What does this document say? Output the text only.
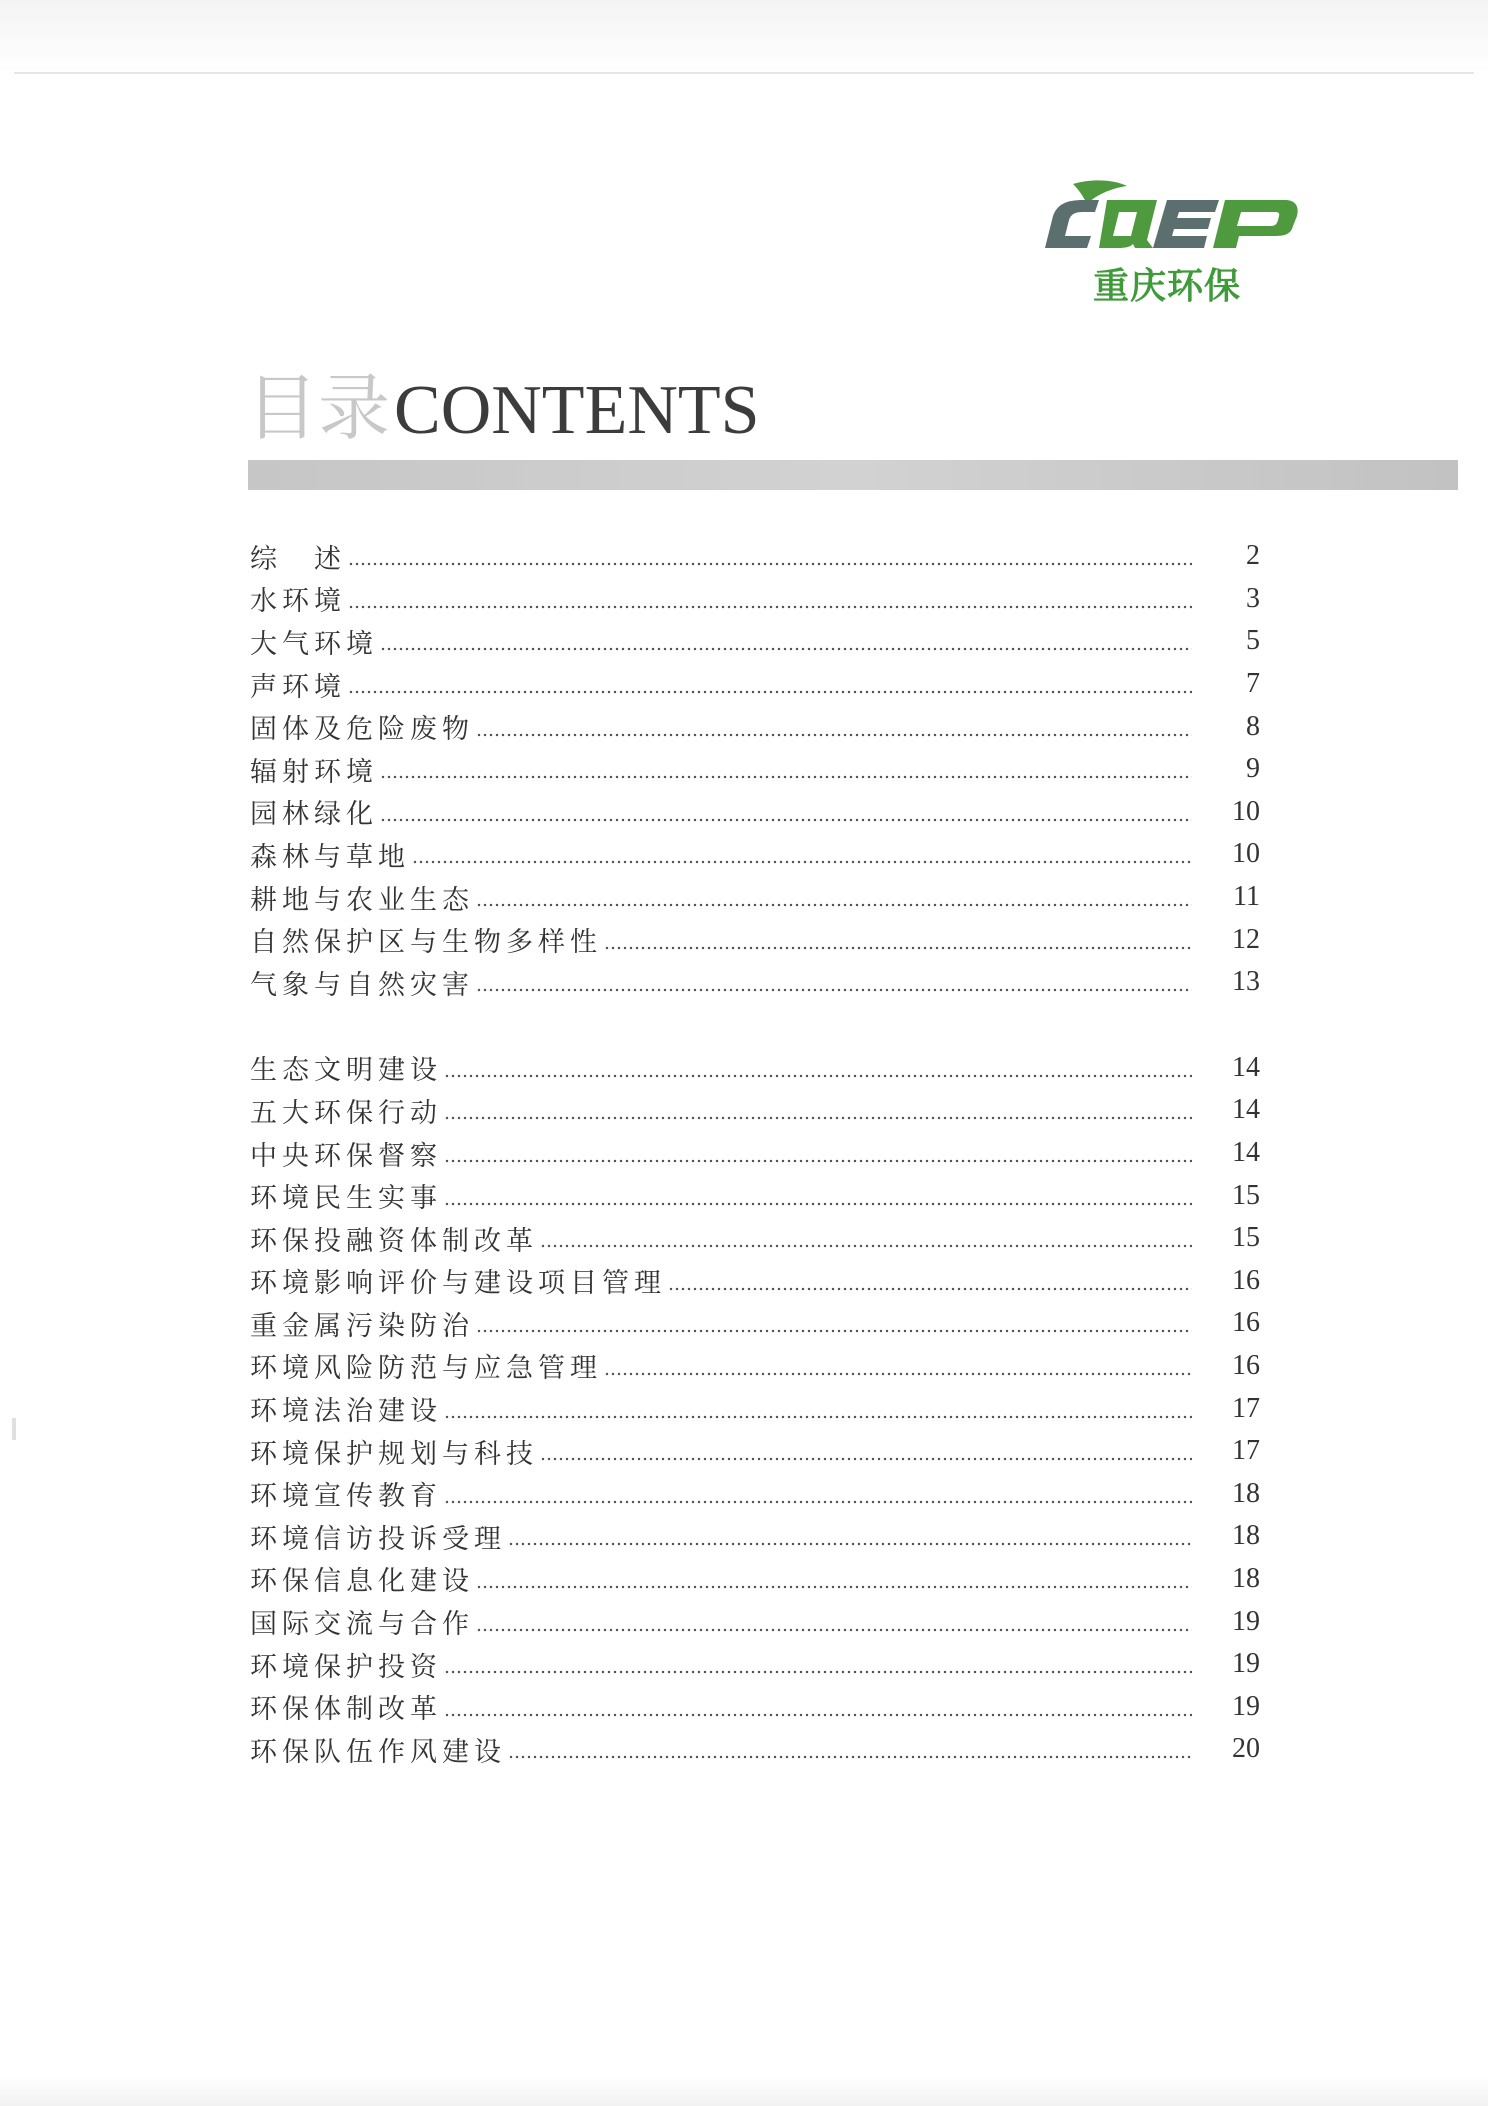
重庆环保
目录CONTENTS
综　述	2
水环境	3
大气环境	5
声环境	7
固体及危险废物	8
辐射环境	9
园林绿化	10
森林与草地	10
耕地与农业生态	11
自然保护区与生物多样性	12
气象与自然灾害	13
生态文明建设	14
五大环保行动	14
中央环保督察	14
环境民生实事	15
环保投融资体制改革	15
环境影响评价与建设项目管理	16
重金属污染防治	16
环境风险防范与应急管理	16
环境法治建设	17
环境保护规划与科技	17
环境宣传教育	18
环境信访投诉受理	18
环保信息化建设	18
国际交流与合作	19
环境保护投资	19
环保体制改革	19
环保队伍作风建设	20
